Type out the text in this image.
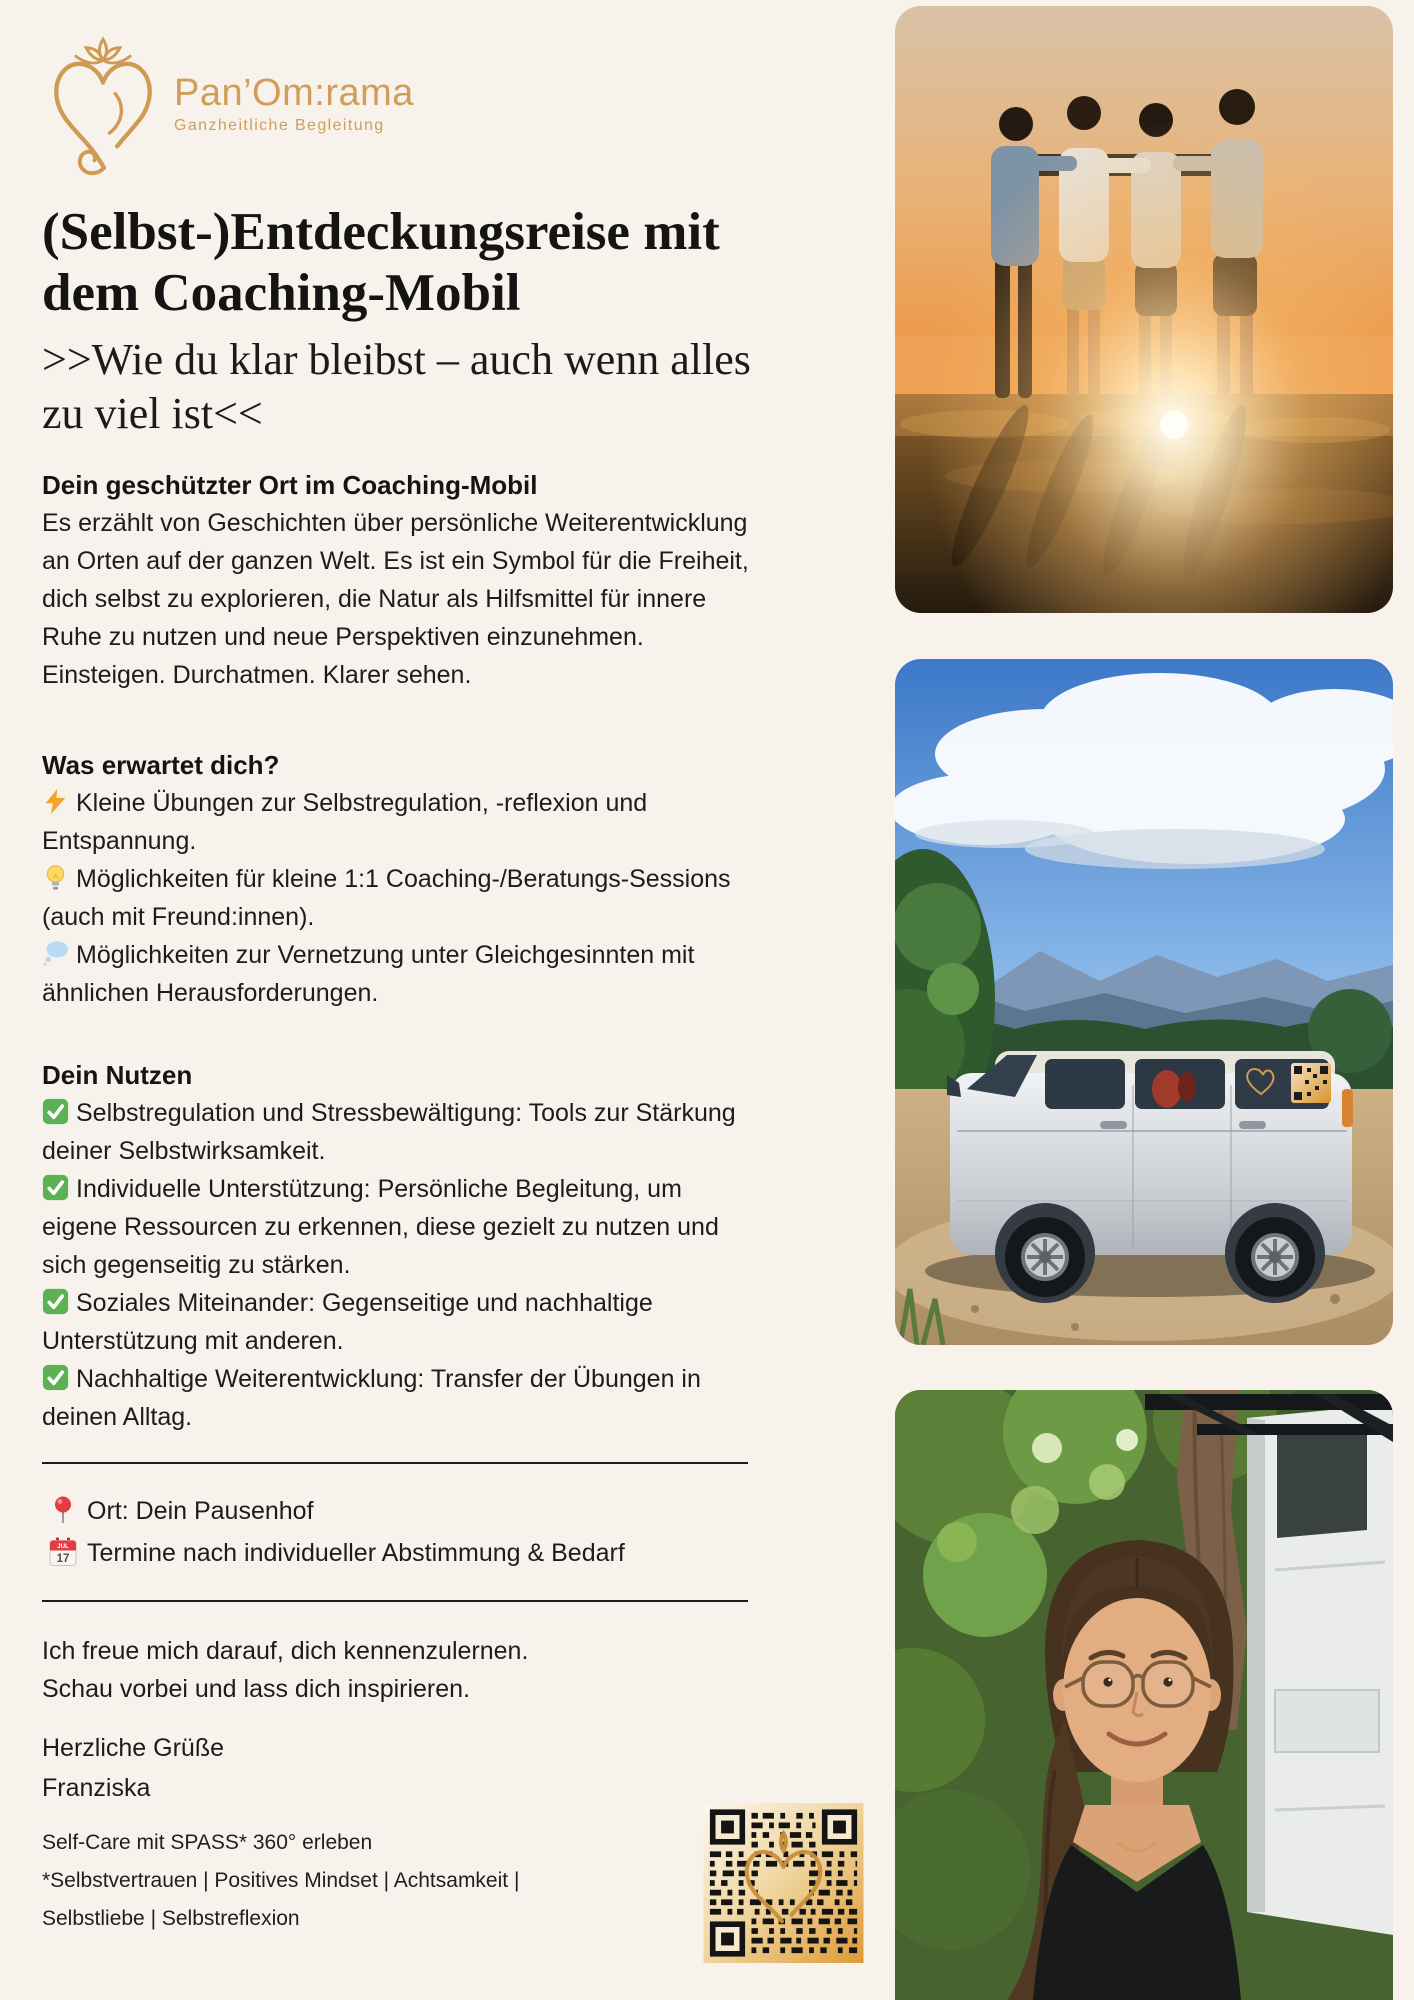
Pan’Om:rama
Ganzheitliche Begleitung
(Selbst-)Entdeckungsreise mit
dem Coaching-Mobil
>>Wie du klar bleibst – auch wenn alles
zu viel ist<<

Dein geschützter Ort im Coaching-Mobil

Es erzählt von Geschichten über persönliche Weiterentwicklung an Orten auf der ganzen Welt. Es ist ein Symbol für die Freiheit, dich selbst zu explorieren, die Natur als Hilfsmittel für innere Ruhe zu nutzen und neue Perspektiven einzunehmen. Einsteigen. Durchatmen. Klarer sehen.

Was erwartet dich?

Kleine Übungen zur Selbstregulation, -reflexion und Entspannung.

Möglichkeiten für kleine 1:1 Coaching-/Beratungs-Sessions (auch mit Freund:innen).

Möglichkeiten zur Vernetzung unter Gleichgesinnten mit ähnlichen Herausforderungen.

Dein Nutzen

Selbstregulation und Stressbewältigung: Tools zur Stärkung deiner Selbstwirksamkeit.

Individuelle Unterstützung: Persönliche Begleitung, um eigene Ressourcen zu erkennen, diese gezielt zu nutzen und sich gegenseitig zu stärken.

Soziales Miteinander: Gegenseitige und nachhaltige Unterstützung mit anderen.

Nachhaltige Weiterentwicklung: Transfer der Übungen in deinen Alltag.

Ort: Dein Pausenhof

JUL
17 Termine nach individueller Abstimmung & Bedarf

Ich freue mich darauf, dich kennenzulernen.

Schau vorbei und lass dich inspirieren.

Herzliche Grüße

Franziska

Self-Care mit SPASS* 360° erleben
*Selbstvertrauen | Positives Mindset | Achtsamkeit | Selbstliebe | Selbstreflexion
